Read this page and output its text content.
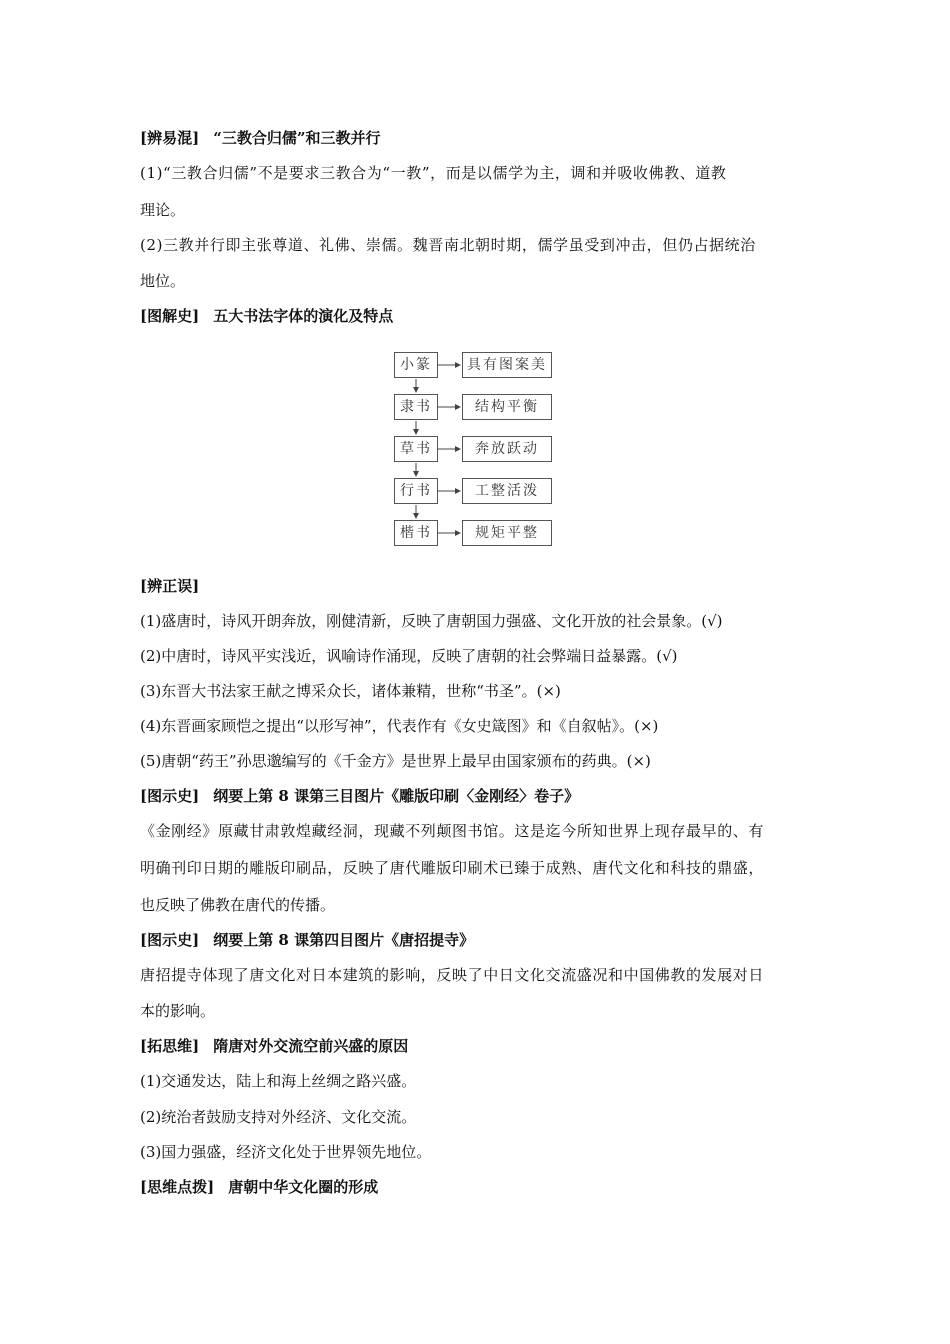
[辨易混] “三教合归儒”和三教并行
(1)“三教合归儒”不是要求三教合为“一教”，而是以儒学为主，调和并吸收佛教、道教
理论。
(2)三教并行即主张尊道、礼佛、崇儒。魏晋南北朝时期，儒学虽受到冲击，但仍占据统治
地位。
[图解史] 五大书法字体的演化及特点
小篆	具有图案美
隶书	结构平衡
草书	奔放跃动
行书	工整活泼
楷书	规矩平整
[辨正误]
(1)盛唐时，诗风开朗奔放，刚健清新，反映了唐朝国力强盛、文化开放的社会景象。(√)
(2)中唐时，诗风平实浅近，讽喻诗作涌现，反映了唐朝的社会弊端日益暴露。(√)
(3)东晋大书法家王献之博采众长，诸体兼精，世称“书圣”。(×)
(4)东晋画家顾恺之提出“以形写神”，代表作有《女史箴图》和《自叙帖》。(×)
(5)唐朝“药王”孙思邈编写的《千金方》是世界上最早由国家颁布的药典。(×)
[图示史] 纲要上第 8 课第三目图片《雕版印刷〈金刚经〉卷子》
《金刚经》原藏甘肃敦煌藏经洞，现藏不列颠图书馆。这是迄今所知世界上现存最早的、有
明确刊印日期的雕版印刷品，反映了唐代雕版印刷术已臻于成熟、唐代文化和科技的鼎盛，
也反映了佛教在唐代的传播。
[图示史] 纲要上第 8 课第四目图片《唐招提寺》
唐招提寺体现了唐文化对日本建筑的影响，反映了中日文化交流盛况和中国佛教的发展对日
本的影响。
[拓思维] 隋唐对外交流空前兴盛的原因
(1)交通发达，陆上和海上丝绸之路兴盛。
(2)统治者鼓励支持对外经济、文化交流。
(3)国力强盛，经济文化处于世界领先地位。
[思维点拨] 唐朝中华文化圈的形成
